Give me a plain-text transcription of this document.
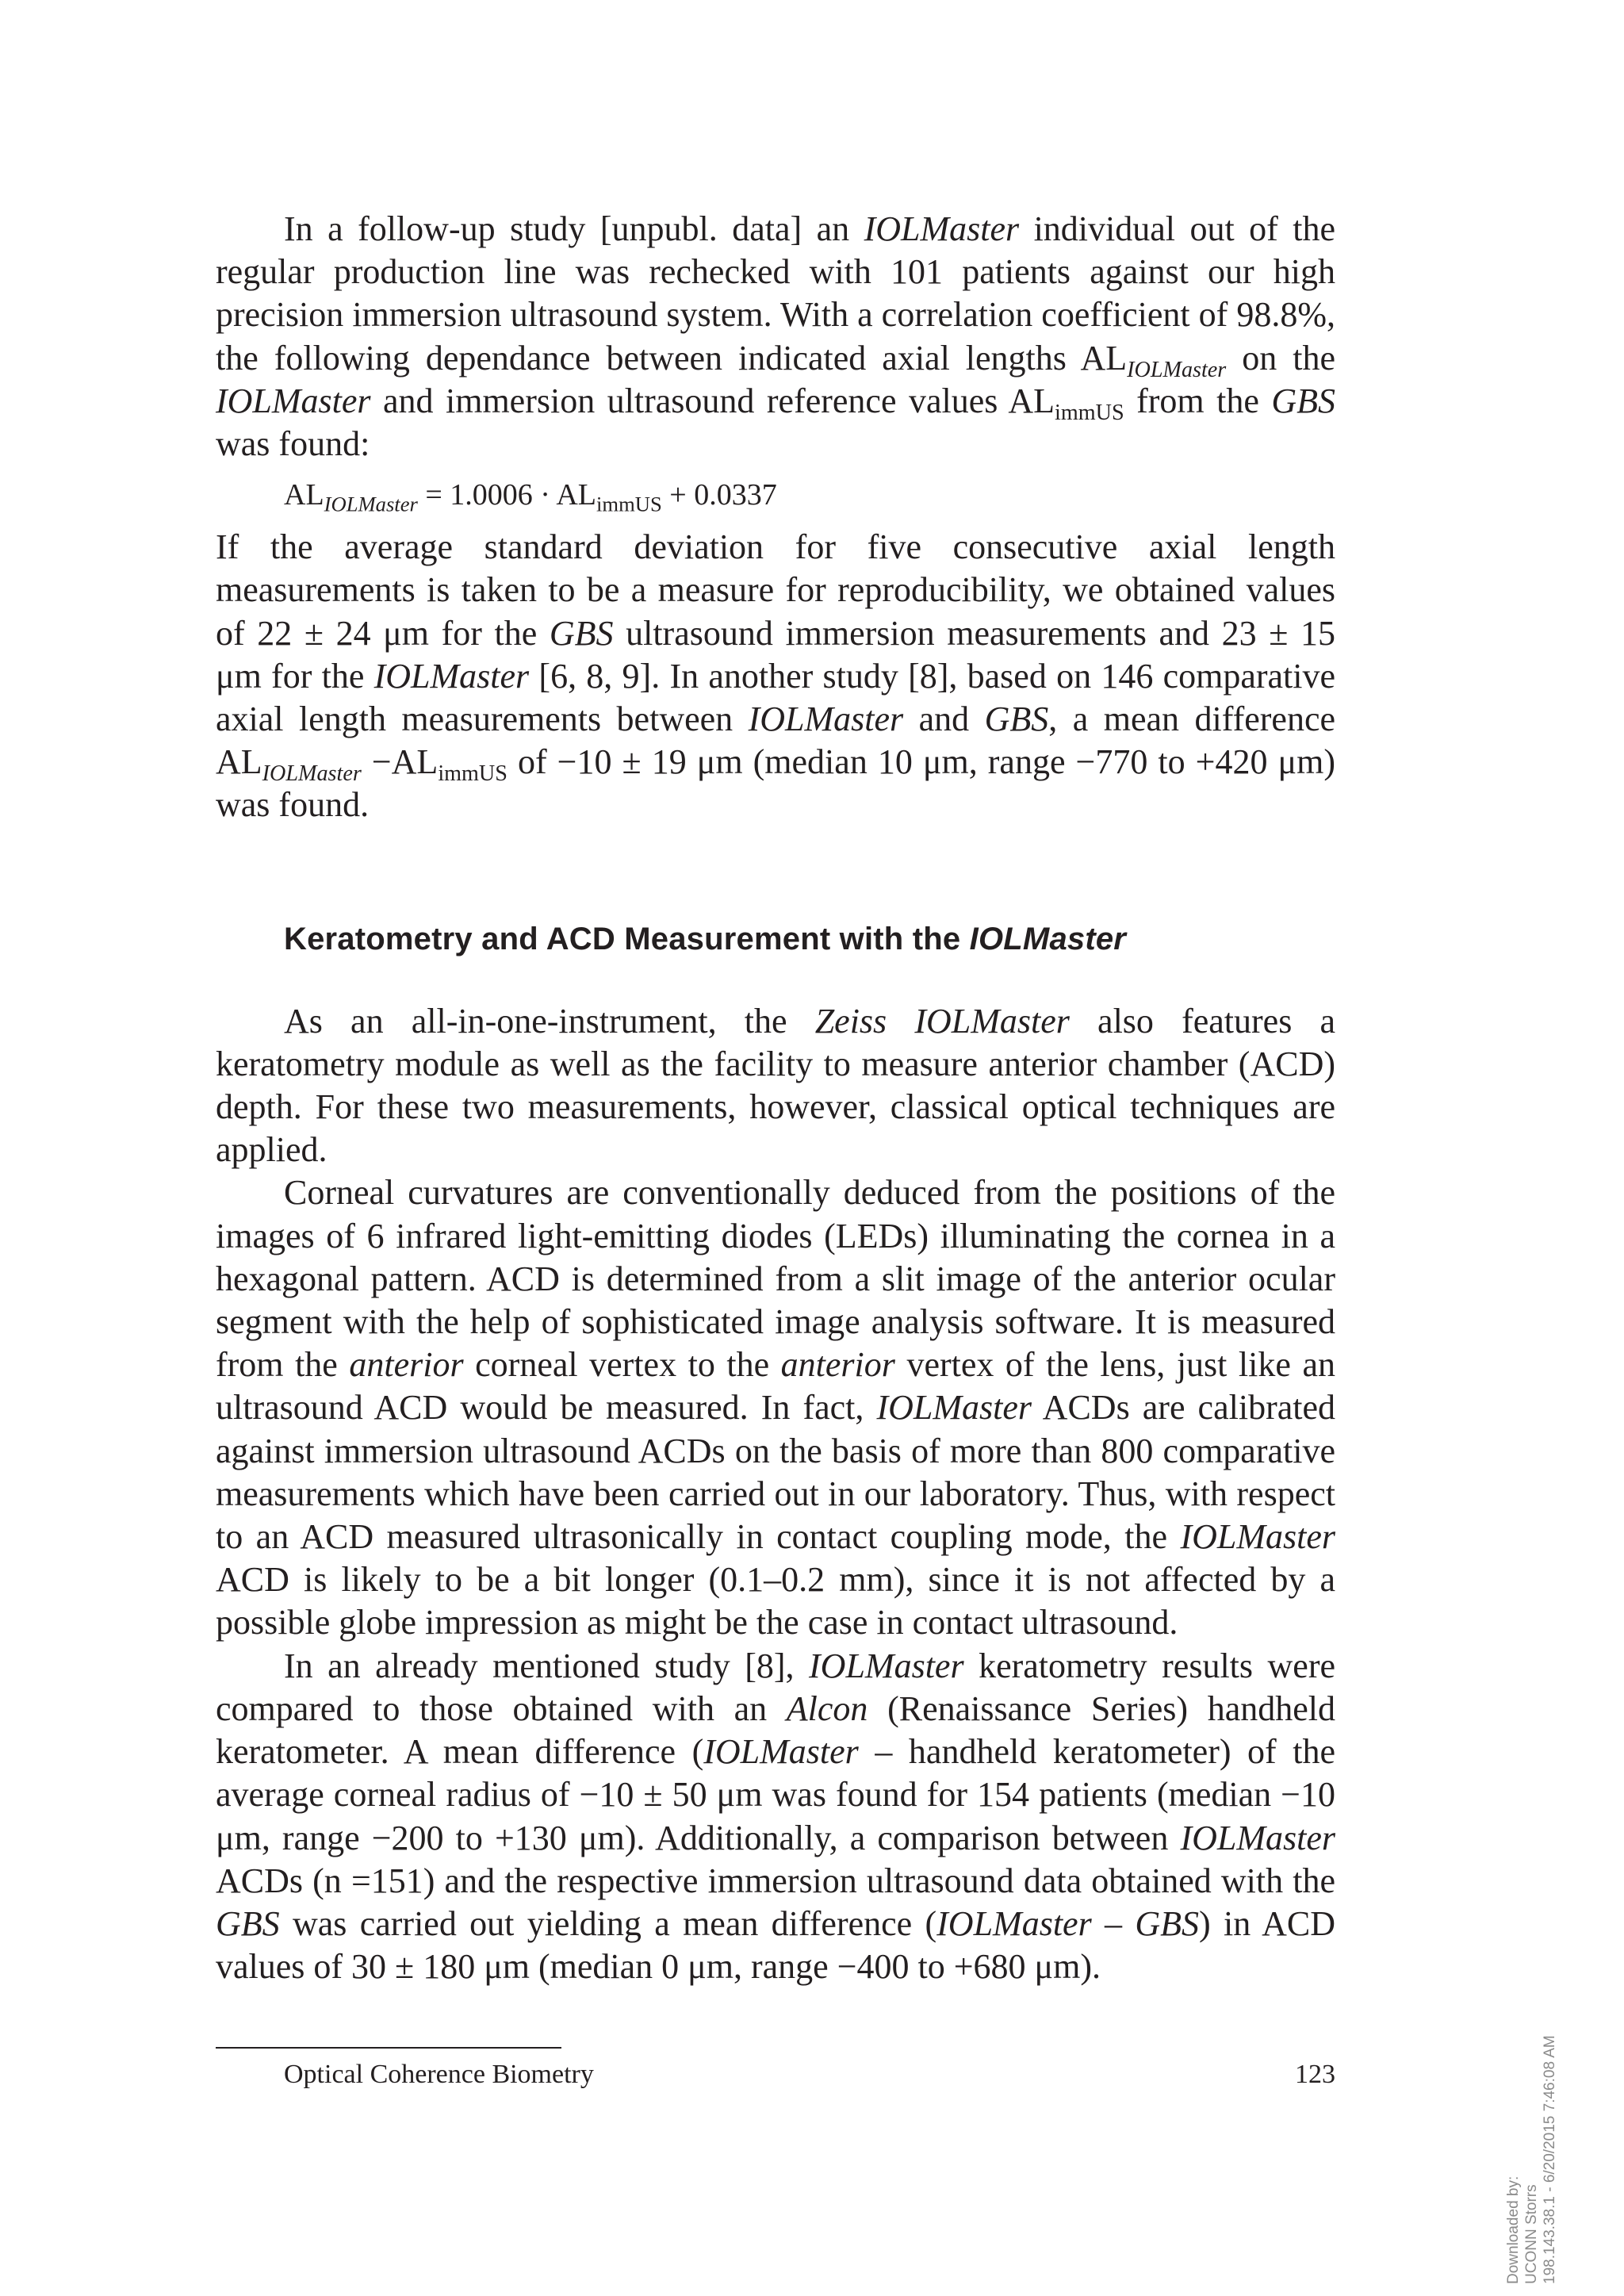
In a follow-up study [unpubl. data] an IOLMaster individual out of the regular production line was rechecked with 101 patients against our high precision immersion ultrasound system. With a correlation coefficient of 98.8%, the following dependance between indicated axial lengths $AL_{IOLMaster}$ on the IOLMaster and immersion ultrasound reference values $AL_{immUS}$ from the GBS was found:

$AL_{IOLMaster} = 1.0006 \cdot AL_{immUS} + 0.0337$

If the average standard deviation for five consecutive axial length measurements is taken to be a measure for reproducibility, we obtained values of 22 ± 24 μm for the GBS ultrasound immersion measurements and 23 ± 15 μm for the IOLMaster [6, 8, 9]. In another study [8], based on 146 comparative axial length measurements between IOLMaster and GBS, a mean difference $AL_{IOLMaster} -AL_{immUS}$ of −10 ± 19 μm (median 10 μm, range −770 to +420 μm) was found.

Keratometry and ACD Measurement with the IOLMaster

As an all-in-one-instrument, the Zeiss IOLMaster also features a keratometry module as well as the facility to measure anterior chamber (ACD) depth. For these two measurements, however, classical optical techniques are applied.

Corneal curvatures are conventionally deduced from the positions of the images of 6 infrared light-emitting diodes (LEDs) illuminating the cornea in a hexagonal pattern. ACD is determined from a slit image of the anterior ocular segment with the help of sophisticated image analysis software. It is measured from the anterior corneal vertex to the anterior vertex of the lens, just like an ultrasound ACD would be measured. In fact, IOLMaster ACDs are calibrated against immersion ultrasound ACDs on the basis of more than 800 comparative measurements which have been carried out in our laboratory. Thus, with respect to an ACD measured ultrasonically in contact coupling mode, the IOLMaster ACD is likely to be a bit longer (0.1–0.2 mm), since it is not affected by a possible globe impression as might be the case in contact ultrasound.

In an already mentioned study [8], IOLMaster keratometry results were compared to those obtained with an Alcon (Renaissance Series) handheld keratometer. A mean difference (IOLMaster – handheld keratometer) of the average corneal radius of −10 ± 50 μm was found for 154 patients (median −10 μm, range −200 to +130 μm). Additionally, a comparison between IOLMaster ACDs (n =151) and the respective immersion ultrasound data obtained with the GBS was carried out yielding a mean difference (IOLMaster – GBS) in ACD values of 30 ± 180 μm (median 0 μm, range −400 to +680 μm).

Optical Coherence Biometry	123
Downloaded by: UCONN Storrs 198.143.38.1 - 6/20/2015 7:46:08 AM
